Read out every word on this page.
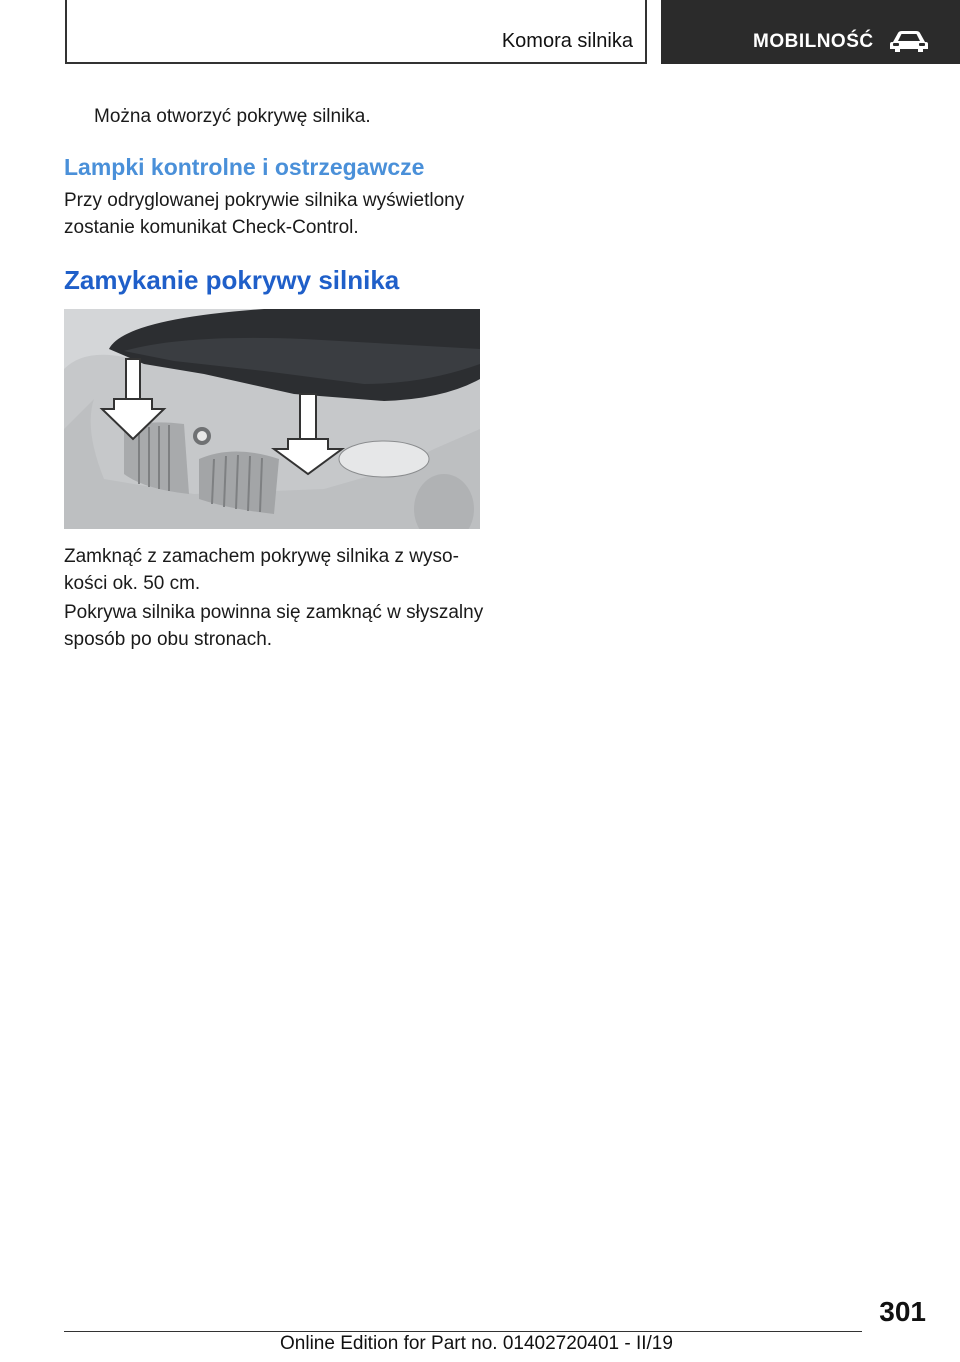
Komora silnika	MOBILNOŚĆ

Można otworzyć pokrywę silnika.

Lampki kontrolne i ostrzegawcze

Przy odryglowanej pokrywie silnika wyświetlony zostanie komunikat Check-Control.

Zamykanie pokrywy silnika

Zamknąć z zamachem pokrywę silnika z wyso-

kości ok. 50 cm.

Pokrywa silnika powinna się zamknąć w słyszalny sposób po obu stronach.

301
Online Edition for Part no. 01402720401 - II/19
